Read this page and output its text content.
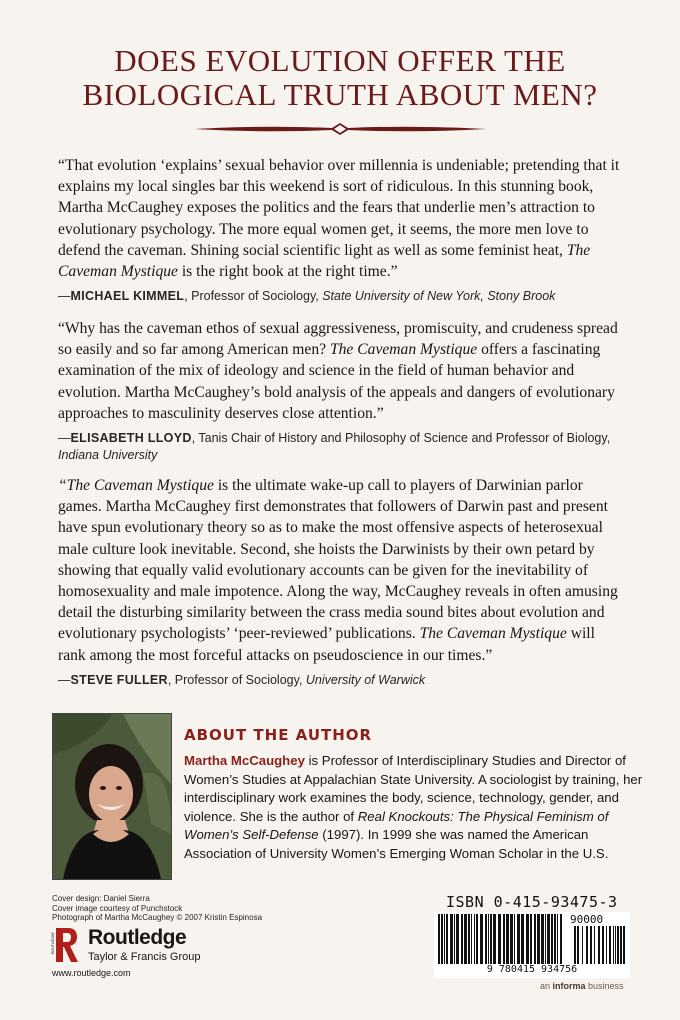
DOES EVOLUTION OFFER THE
BIOLOGICAL TRUTH ABOUT MEN?

“That evolution ‘explains’ sexual behavior over millennia is undeniable; pretending that it explains my local singles bar this weekend is sort of ridiculous. In this stunning book, Martha McCaughey exposes the politics and the fears that underlie men’s attraction to evolutionary psychology. The more equal women get, it seems, the more men love to defend the caveman. Shining social scientific light as well as some feminist heat, The Caveman Mystique is the right book at the right time.”

—MICHAEL KIMMEL, Professor of Sociology, State University of New York, Stony Brook

“Why has the caveman ethos of sexual aggressiveness, promiscuity, and crudeness spread so easily and so far among American men? The Caveman Mystique offers a fascinating examination of the mix of ideology and science in the field of human behavior and evolution. Martha McCaughey’s bold analysis of the appeals and dangers of evolutionary approaches to masculinity deserves close attention.”

—ELISABETH LLOYD, Tanis Chair of History and Philosophy of Science and Professor of Biology, Indiana University

“The Caveman Mystique is the ultimate wake-up call to players of Darwinian parlor games. Martha McCaughey first demonstrates that followers of Darwin past and present have spun evolutionary theory so as to make the most offensive aspects of heterosexual male culture look inevitable. Second, she hoists the Darwinists by their own petard by showing that equally valid evolutionary accounts can be given for the inevitability of homosexuality and male impotence. Along the way, McCaughey reveals in often amusing detail the disturbing similarity between the crass media sound bites about evolution and evolutionary psychologists’ ‘peer-reviewed’ publications. The Caveman Mystique will rank among the most forceful attacks on pseudoscience in our times.”

—STEVE FULLER, Professor of Sociology, University of Warwick
ABOUT THE AUTHOR
Martha McCaughey is Professor of Interdisciplinary Studies and Director of Women’s Studies at Appalachian State University. A sociologist by training, her interdisciplinary work examines the body, science, technology, gender, and violence. She is the author of Real Knockouts: The Physical Feminism of Women’s Self-Defense (1997). In 1999 she was named the American Association of University Women’s Emerging Woman Scholar in the U.S.
Cover design: Daniel Sierra
Cover image courtesy of Punchstock
Photograph of Martha McCaughey © 2007 Kristin Espinosa
ROUTLEDGE Routledge
Taylor & Francis Group
www.routledge.com
ISBN 0-415-93475-3
90000
9 780415 934756
an informa business
